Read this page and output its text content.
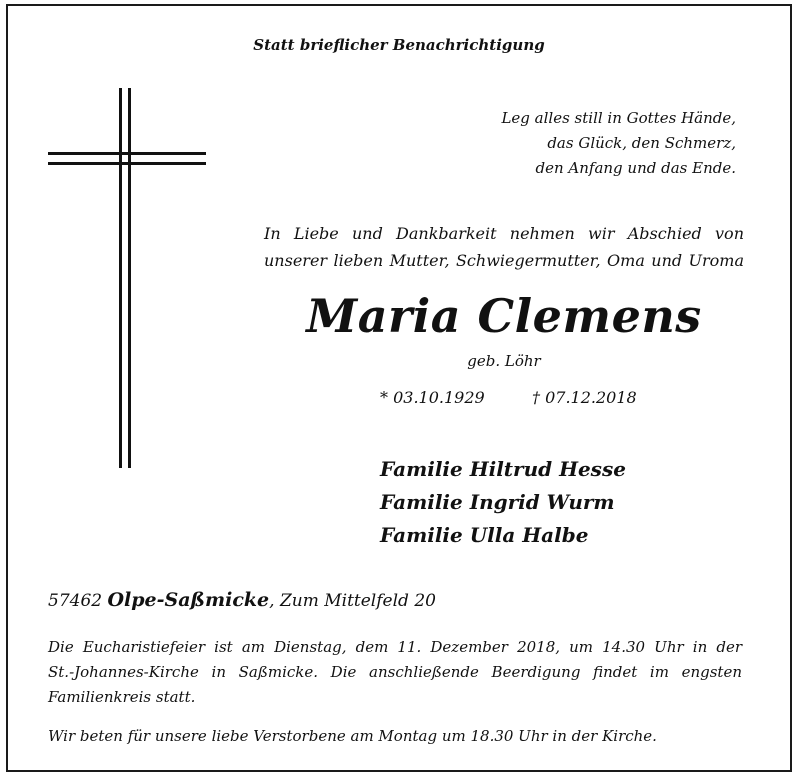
Statt brieflicher Benachrichtigung
Leg alles still in Gottes Hände,
das Glück, den Schmerz,
den Anfang und das Ende.
In Liebe und Dankbarkeit nehmen wir Abschied von
unserer lieben Mutter, Schwiegermutter, Oma und Uroma
Maria Clemens
geb. Löhr
* 03.10.1929	† 07.12.2018
Familie Hiltrud Hesse
Familie Ingrid Wurm
Familie Ulla Halbe
57462 Olpe-Saßmicke, Zum Mittelfeld 20
Die Eucharistiefeier ist am Dienstag, dem 11. Dezember 2018, um 14.30 Uhr in der
St.-Johannes-Kirche in Saßmicke. Die anschließende Beerdigung findet im engsten
Familienkreis statt.
Wir beten für unsere liebe Verstorbene am Montag um 18.30 Uhr in der Kirche.
